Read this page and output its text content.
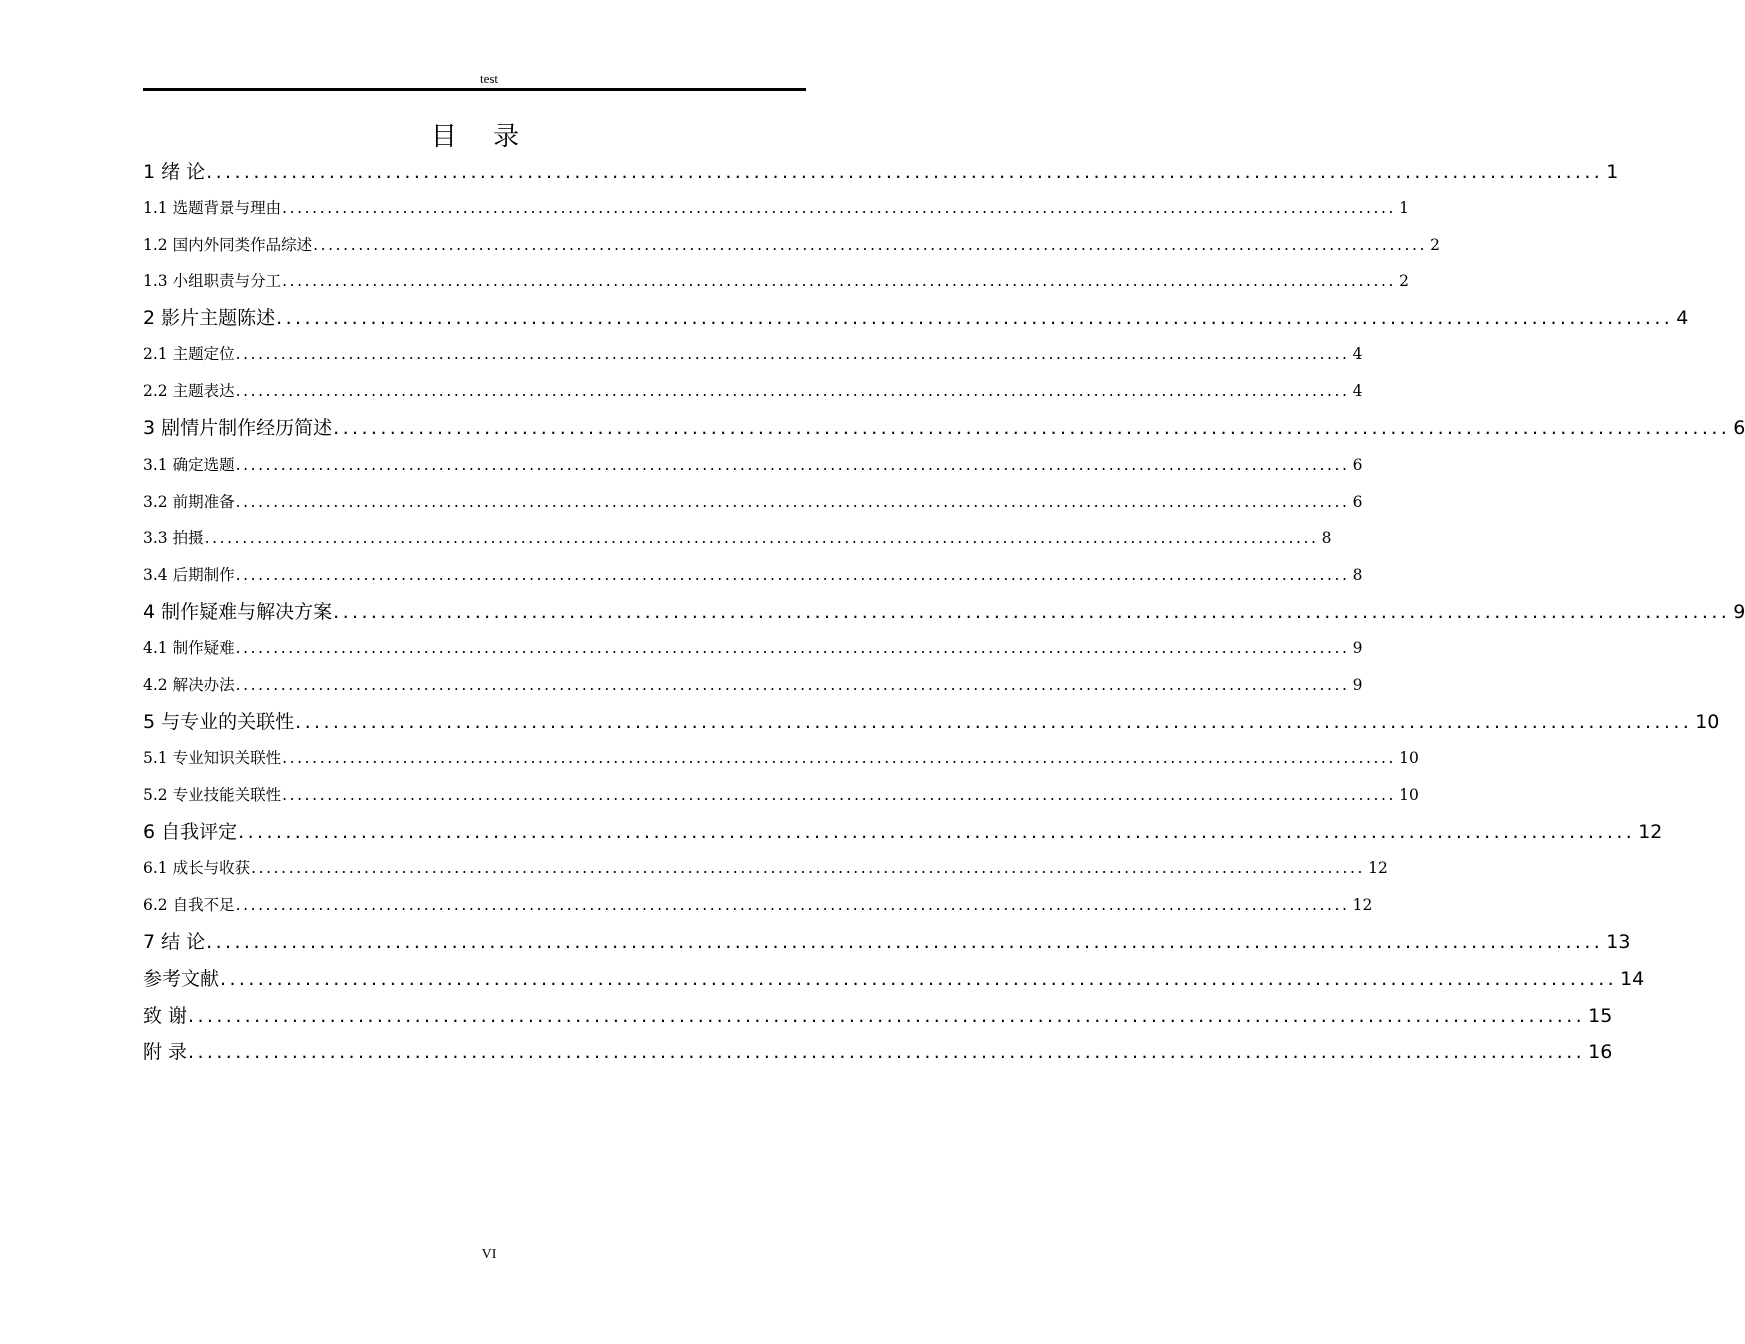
test
目 录
1 绪 论 .................................................................................................................................................... 1
1.1 选题背景与理由 .................................................................................................................................................... 1
1.2 国内外同类作品综述 .................................................................................................................................................... 2
1.3 小组职责与分工 .................................................................................................................................................... 2
2 影片主题陈述 .................................................................................................................................................... 4
2.1 主题定位 .................................................................................................................................................... 4
2.2 主题表达 .................................................................................................................................................... 4
3 剧情片制作经历简述 .................................................................................................................................................... 6
3.1 确定选题 .................................................................................................................................................... 6
3.2 前期准备 .................................................................................................................................................... 6
3.3 拍摄 .................................................................................................................................................... 8
3.4 后期制作 .................................................................................................................................................... 8
4 制作疑难与解决方案 .................................................................................................................................................... 9
4.1 制作疑难 .................................................................................................................................................... 9
4.2 解决办法 .................................................................................................................................................... 9
5 与专业的关联性 .................................................................................................................................................... 10
5.1 专业知识关联性 .................................................................................................................................................... 10
5.2 专业技能关联性 .................................................................................................................................................... 10
6 自我评定 .................................................................................................................................................... 12
6.1 成长与收获 .................................................................................................................................................... 12
6.2 自我不足 .................................................................................................................................................... 12
7 结 论 .................................................................................................................................................... 13
参考文献 .................................................................................................................................................... 14
致 谢 .................................................................................................................................................... 15
附 录 .................................................................................................................................................... 16
VI
